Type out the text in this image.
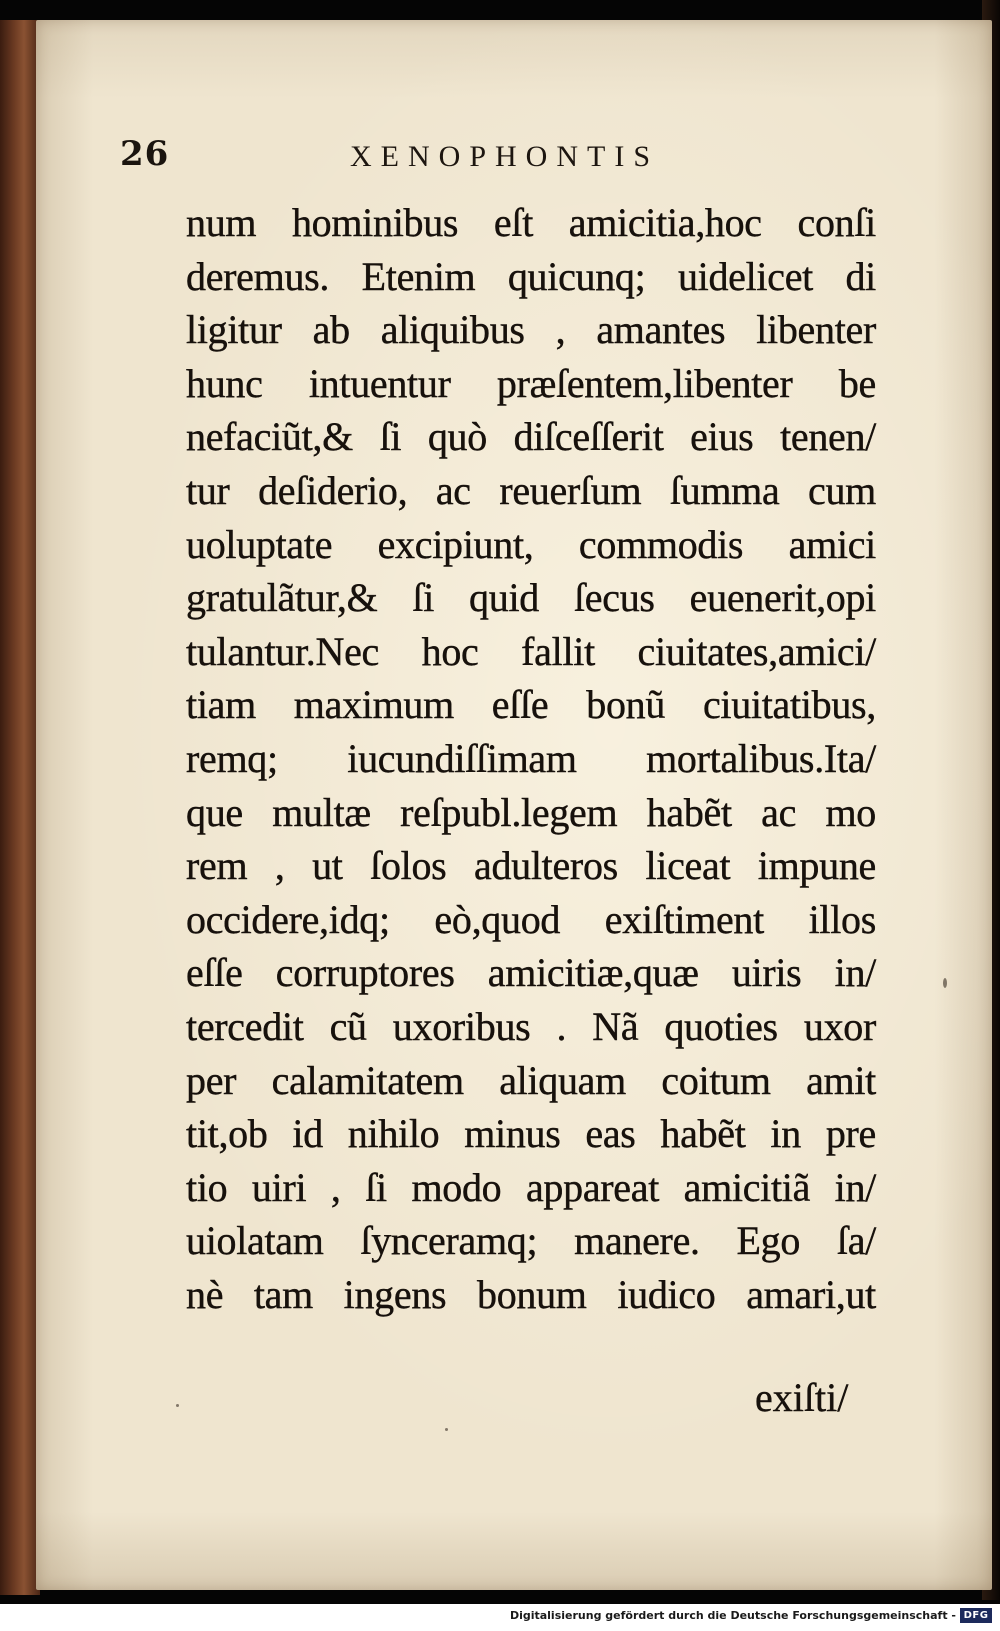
26	XENOPHONTIS
num hominibus eſt amicitia,hoc conſi
deremus. Etenim quicunq; uidelicet di
ligitur ab aliquibus , amantes libenter
hunc intuentur præſentem,libenter be
nefaciũt,& ſi quò diſceſſerit eius tenen/
tur deſiderio, ac reuerſum ſumma cum
uoluptate excipiunt, commodis amici
gratulãtur,& ſi quid ſecus euenerit,opi
tulantur.Nec hoc fallit ciuitates,amici/
tiam maximum eſſe bonũ ciuitatibus,
remq; iucundiſſimam mortalibus.Ita/
que multæ reſpubl.legem habẽt ac mo
rem , ut ſolos adulteros liceat impune
occidere,idq; eò,quod exiſtiment illos
eſſe corruptores amicitiæ,quæ uiris in/
tercedit cũ uxoribus . Nã quoties uxor
per calamitatem aliquam coitum amit
tit,ob id nihilo minus eas habẽt in pre
tio uiri , ſi modo appareat amicitiã in/
uiolatam ſynceramq; manere. Ego ſa/
nè tam ingens bonum iudico amari,ut
exiſti/
Digitalisierung gefördert durch die Deutsche Forschungsgemeinschaft - DFG
